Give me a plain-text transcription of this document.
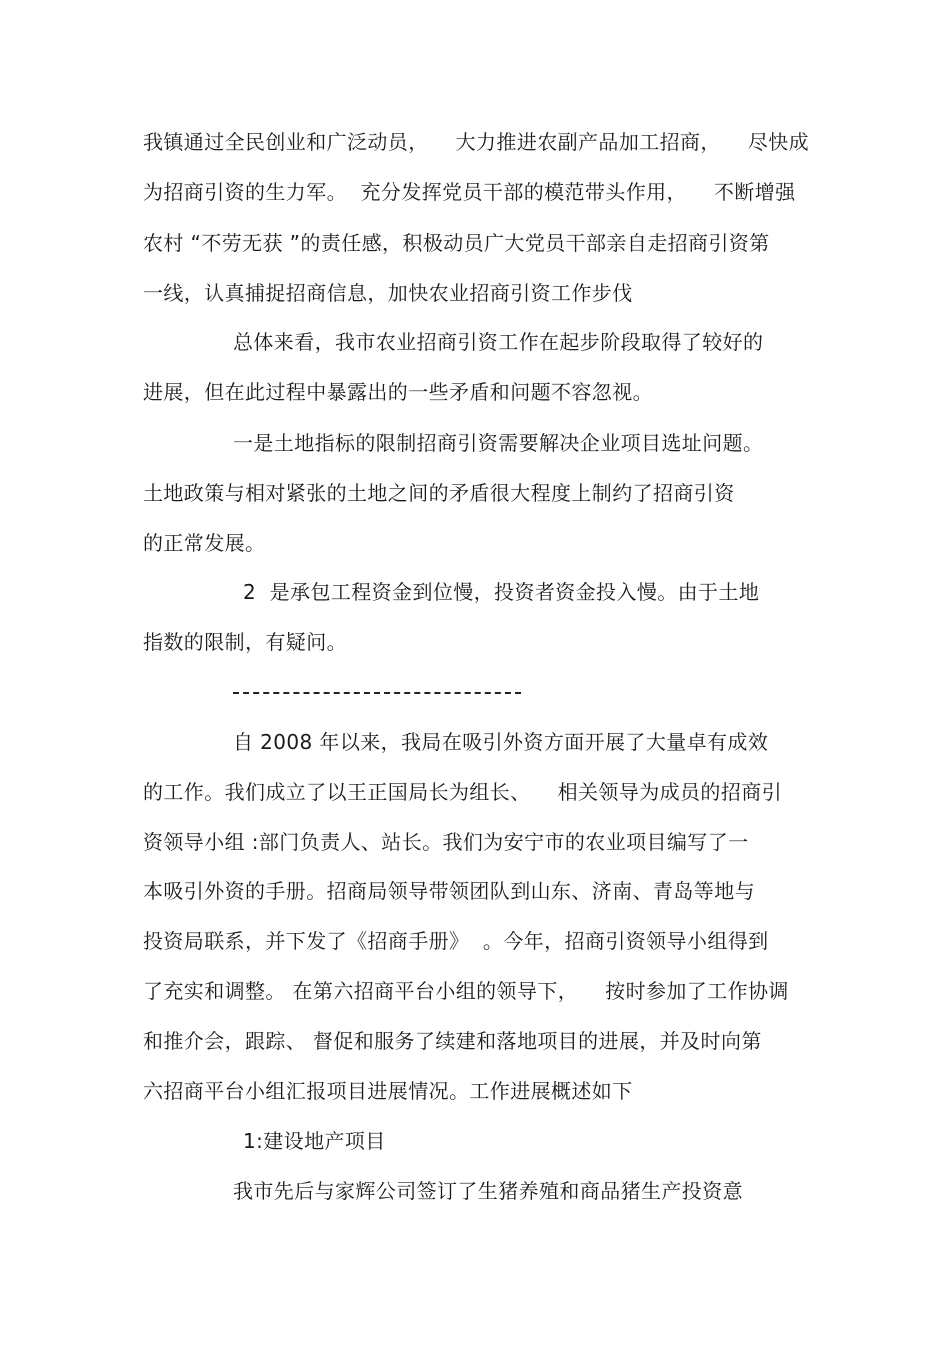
我镇通过全民创业和广泛动员，    大力推进农副产品加工招商，    尽快成
为招商引资的生力军。  充分发挥党员干部的模范带头作用，    不断增强
农村 “不劳无获 ”的责任感，积极动员广大党员干部亲自走招商引资第
一线，认真捕捉招商信息，加快农业招商引资工作步伐
总体来看，我市农业招商引资工作在起步阶段取得了较好的
进展，但在此过程中暴露出的一些矛盾和问题不容忽视。
一是土地指标的限制招商引资需要解决企业项目选址问题。
土地政策与相对紧张的土地之间的矛盾很大程度上制约了招商引资
的正常发展。
2  是承包工程资金到位慢，投资者资金投入慢。由于土地
指数的限制，有疑问。
自 2008 年以来，我局在吸引外资方面开展了大量卓有成效
的工作。我们成立了以王正国局长为组长、    相关领导为成员的招商引
资领导小组 :部门负责人、站长。我们为安宁市的农业项目编写了一
本吸引外资的手册。招商局领导带领团队到山东、济南、青岛等地与
投资局联系，并下发了《招商手册》  。今年，招商引资领导小组得到
了充实和调整。 在第六招商平台小组的领导下，    按时参加了工作协调
和推介会，跟踪、 督促和服务了续建和落地项目的进展，并及时向第
六招商平台小组汇报项目进展情况。工作进展概述如下
1:建设地产项目
我市先后与家辉公司签订了生猪养殖和商品猪生产投资意
